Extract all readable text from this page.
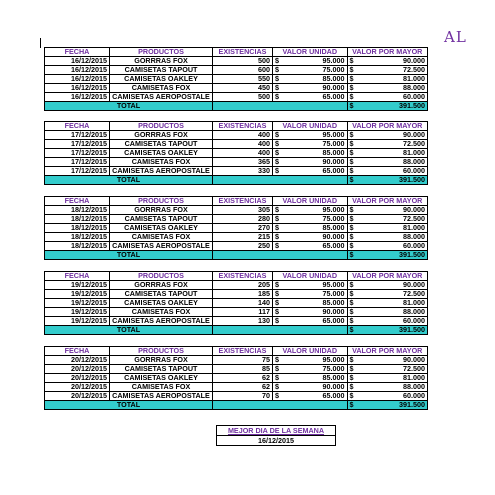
AL
FECHA	PRODUCTOS	EXISTENCIAS	VALOR UNIDAD		VALOR POR MAYOR	
16/12/2015	GORRRAS FOX	500	$	95.000	$	90.000
16/12/2015	CAMISETAS TAPOUT	600	$	75.000	$	72.500
16/12/2015	CAMISETAS OAKLEY	550	$	85.000	$	81.000
16/12/2015	CAMISETAS FOX	450	$	90.000	$	88.000
16/12/2015	CAMISETAS AEROPOSTALE	500	$	65.000	$	60.000
TOTAL					$	391.500
FECHA	PRODUCTOS	EXISTENCIAS	VALOR UNIDAD		VALOR POR MAYOR	
17/12/2015	GORRRAS FOX	400	$	95.000	$	90.000
17/12/2015	CAMISETAS TAPOUT	400	$	75.000	$	72.500
17/12/2015	CAMISETAS OAKLEY	400	$	85.000	$	81.000
17/12/2015	CAMISETAS FOX	365	$	90.000	$	88.000
17/12/2015	CAMISETAS AEROPOSTALE	330	$	65.000	$	60.000
TOTAL					$	391.500
FECHA	PRODUCTOS	EXISTENCIAS	VALOR UNIDAD		VALOR POR MAYOR	
18/12/2015	GORRRAS FOX	305	$	95.000	$	90.000
18/12/2015	CAMISETAS TAPOUT	280	$	75.000	$	72.500
18/12/2015	CAMISETAS OAKLEY	270	$	85.000	$	81.000
18/12/2015	CAMISETAS FOX	215	$	90.000	$	88.000
18/12/2015	CAMISETAS AEROPOSTALE	250	$	65.000	$	60.000
TOTAL					$	391.500
FECHA	PRODUCTOS	EXISTENCIAS	VALOR UNIDAD		VALOR POR MAYOR	
19/12/2015	GORRRAS FOX	205	$	95.000	$	90.000
19/12/2015	CAMISETAS TAPOUT	185	$	75.000	$	72.500
19/12/2015	CAMISETAS OAKLEY	140	$	85.000	$	81.000
19/12/2015	CAMISETAS FOX	117	$	90.000	$	88.000
19/12/2015	CAMISETAS AEROPOSTALE	130	$	65.000	$	60.000
TOTAL					$	391.500
FECHA	PRODUCTOS	EXISTENCIAS	VALOR UNIDAD		VALOR POR MAYOR	
20/12/2015	GORRRAS FOX	75	$	95.000	$	90.000
20/12/2015	CAMISETAS TAPOUT	85	$	75.000	$	72.500
20/12/2015	CAMISETAS OAKLEY	62	$	85.000	$	81.000
20/12/2015	CAMISETAS FOX	62	$	90.000	$	88.000
20/12/2015	CAMISETAS AEROPOSTALE	70	$	65.000	$	60.000
TOTAL					$	391.500
MEJOR DIA DE LA SEMANA
16/12/2015
